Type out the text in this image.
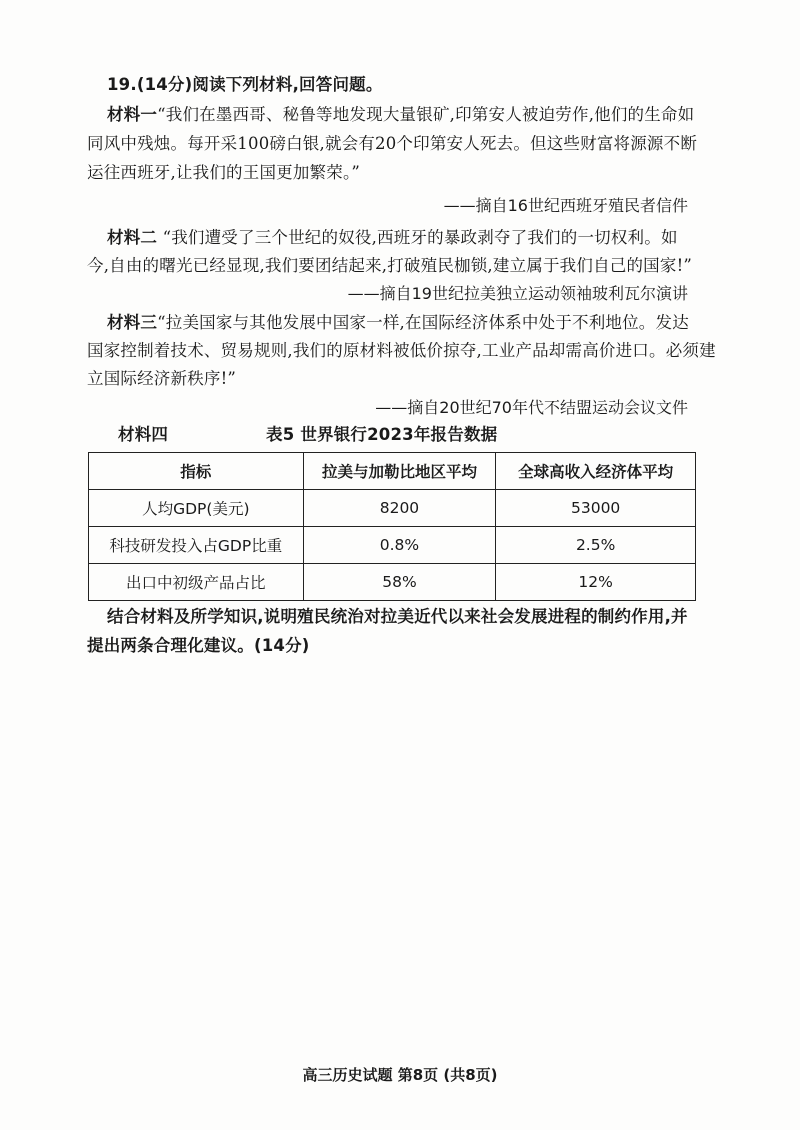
19.(14分)阅读下列材料,回答问题。
材料一“我们在墨西哥、秘鲁等地发现大量银矿,印第安人被迫劳作,他们的生命如
同风中残烛。每开采100磅白银,就会有20个印第安人死去。但这些财富将源源不断
运往西班牙,让我们的王国更加繁荣。”
——摘自16世纪西班牙殖民者信件
材料二 “我们遭受了三个世纪的奴役,西班牙的暴政剥夺了我们的一切权利。如
今,自由的曙光已经显现,我们要团结起来,打破殖民枷锁,建立属于我们自己的国家!”
——摘自19世纪拉美独立运动领袖玻利瓦尔演讲
材料三“拉美国家与其他发展中国家一样,在国际经济体系中处于不利地位。发达
国家控制着技术、贸易规则,我们的原材料被低价掠夺,工业产品却需高价进口。必须建
立国际经济新秩序!”
——摘自20世纪70年代不结盟运动会议文件
材料四	表5 世界银行2023年报告数据
指标	拉美与加勒比地区平均	全球高收入经济体平均
人均GDP(美元)	8200	53000
科技研发投入占GDP比重	0.8%	2.5%
出口中初级产品占比	58%	12%
结合材料及所学知识,说明殖民统治对拉美近代以来社会发展进程的制约作用,并
提出两条合理化建议。(14分)
高三历史试题 第8页 (共8页)
